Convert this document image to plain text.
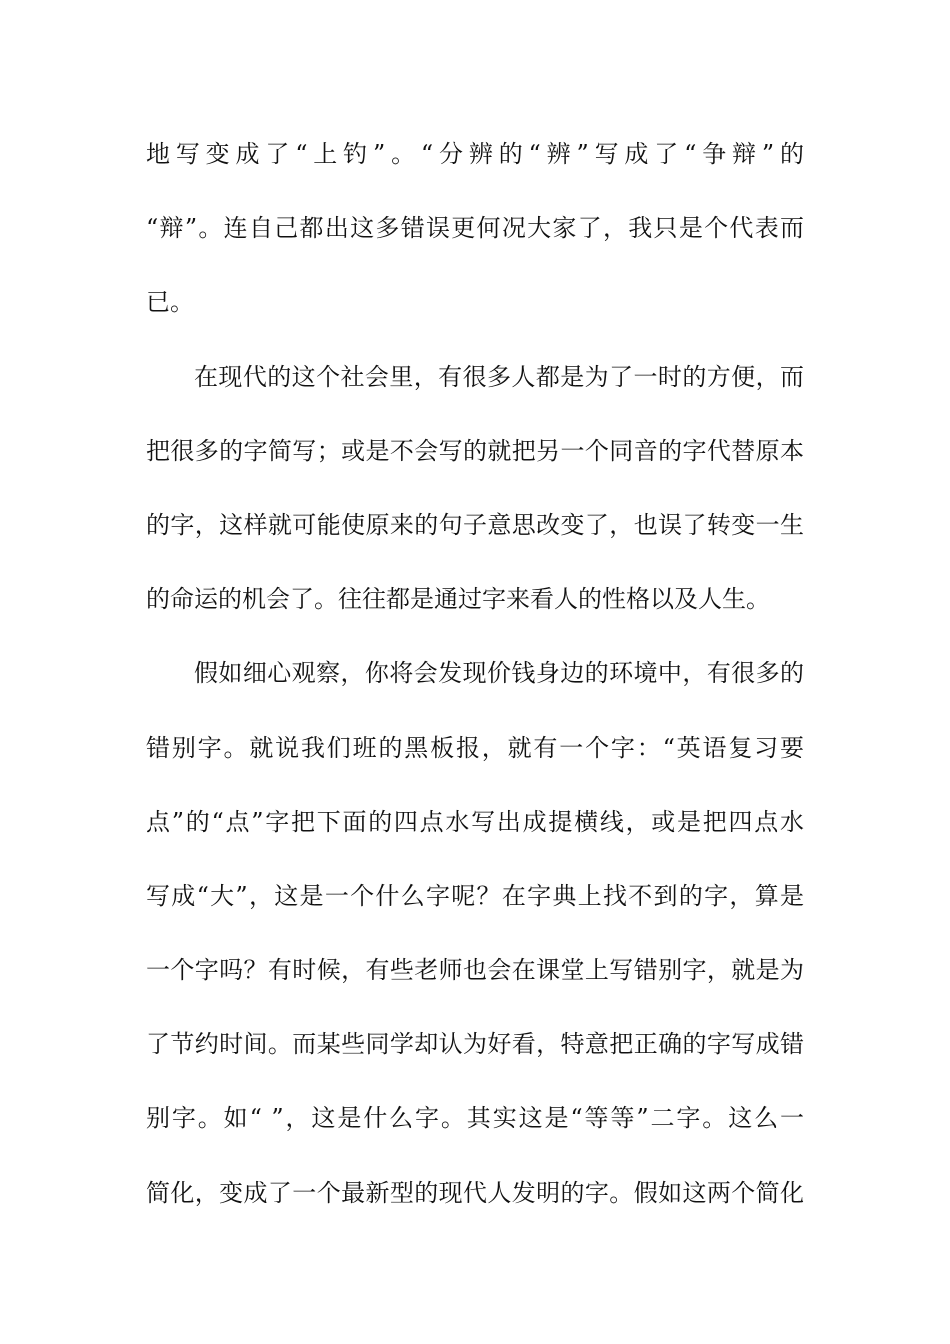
地写变成了“上钓”。“分辨的“辨”写成了“争辩”的
“辩”。连自己都出这多错误更何况大家了，我只是个代表而
已。
在现代的这个社会里，有很多人都是为了一时的方便，而
把很多的字简写；或是不会写的就把另一个同音的字代替原本
的字，这样就可能使原来的句子意思改变了，也误了转变一生
的命运的机会了。往往都是通过字来看人的性格以及人生。
假如细心观察，你将会发现价钱身边的环境中，有很多的
错别字。就说我们班的黑板报，就有一个字：“英语复习要
点”的“点”字把下面的四点水写出成提横线，或是把四点水
写成“大”，这是一个什么字呢？在字典上找不到的字，算是
一个字吗？有时候，有些老师也会在课堂上写错别字，就是为
了节约时间。而某些同学却认为好看，特意把正确的字写成错
别字。如“ ”，这是什么字。其实这是“等等”二字。这么一
简化，变成了一个最新型的现代人发明的字。假如这两个简化
